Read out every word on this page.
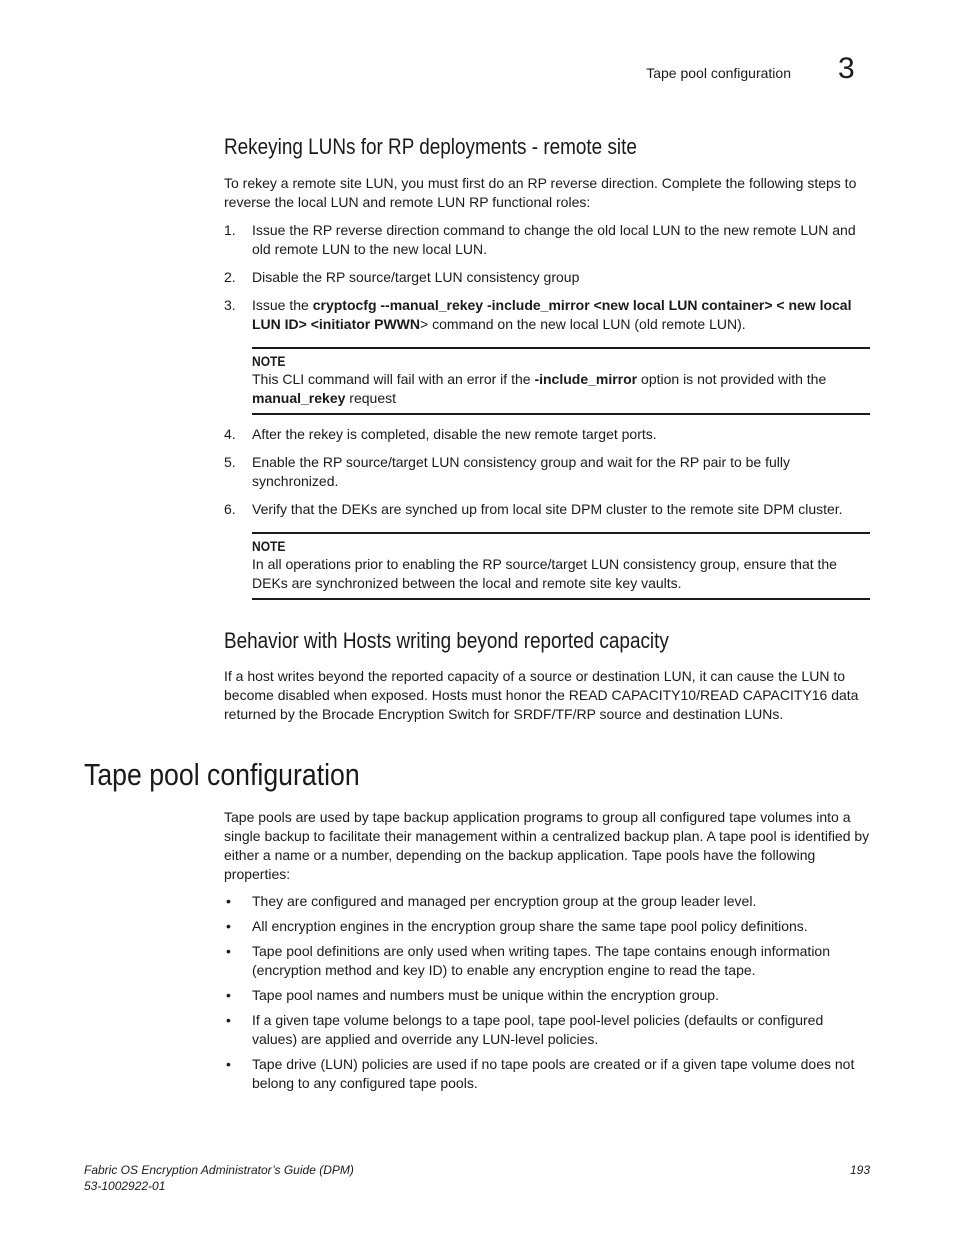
Tape pool configuration 3
Rekeying LUNs for RP deployments - remote site

To rekey a remote site LUN, you must first do an RP reverse direction. Complete the following steps to reverse the local LUN and remote LUN RP functional roles:

1. Issue the RP reverse direction command to change the old local LUN to the new remote LUN and old remote LUN to the new local LUN.
2. Disable the RP source/target LUN consistency group
3. Issue the cryptocfg --manual_rekey -include_mirror <new local LUN container> < new local LUN ID> <initiator PWWN> command on the new local LUN (old remote LUN).
NOTE

This CLI command will fail with an error if the -include_mirror option is not provided with the manual_rekey request

4. After the rekey is completed, disable the new remote target ports.
5. Enable the RP source/target LUN consistency group and wait for the RP pair to be fully synchronized.
6. Verify that the DEKs are synched up from local site DPM cluster to the remote site DPM cluster.
NOTE

In all operations prior to enabling the RP source/target LUN consistency group, ensure that the DEKs are synchronized between the local and remote site key vaults.

Behavior with Hosts writing beyond reported capacity

If a host writes beyond the reported capacity of a source or destination LUN, it can cause the LUN to become disabled when exposed. Hosts must honor the READ CAPACITY10/READ CAPACITY16 data returned by the Brocade Encryption Switch for SRDF/TF/RP source and destination LUNs.

Tape pool configuration

Tape pools are used by tape backup application programs to group all configured tape volumes into a single backup to facilitate their management within a centralized backup plan. A tape pool is identified by either a name or a number, depending on the backup application. Tape pools have the following properties:

• They are configured and managed per encryption group at the group leader level.
• All encryption engines in the encryption group share the same tape pool policy definitions.
• Tape pool definitions are only used when writing tapes. The tape contains enough information (encryption method and key ID) to enable any encryption engine to read the tape.
• Tape pool names and numbers must be unique within the encryption group.
• If a given tape volume belongs to a tape pool, tape pool-level policies (defaults or configured values) are applied and override any LUN-level policies.
• Tape drive (LUN) policies are used if no tape pools are created or if a given tape volume does not belong to any configured tape pools.
Fabric OS Encryption Administrator’s Guide (DPM)
53-1002922-01
193
